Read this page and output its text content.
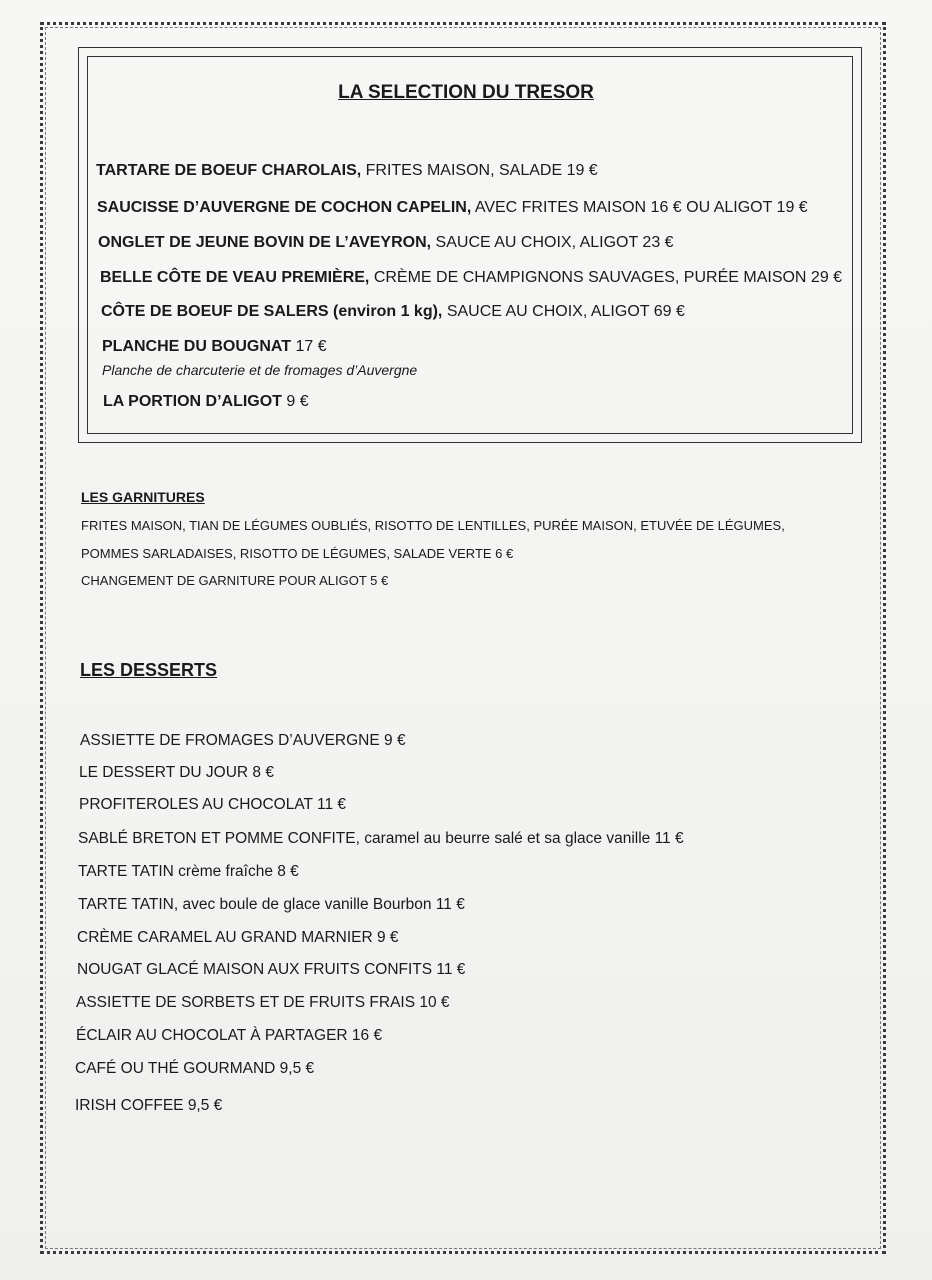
LA SELECTION DU TRESOR
TARTARE DE BOEUF CHAROLAIS, FRITES MAISON, SALADE 19 €
SAUCISSE D’AUVERGNE DE COCHON CAPELIN, AVEC FRITES MAISON 16 € OU ALIGOT 19 €
ONGLET DE JEUNE BOVIN DE L’AVEYRON, SAUCE AU CHOIX, ALIGOT 23 €
BELLE CÔTE DE VEAU PREMIÈRE, CRÈME DE CHAMPIGNONS SAUVAGES, PURÉE MAISON 29 €
CÔTE DE BOEUF DE SALERS (environ 1 kg), SAUCE AU CHOIX, ALIGOT 69 €
PLANCHE DU BOUGNAT 17 €
Planche de charcuterie et de fromages d’Auvergne
LA PORTION D’ALIGOT 9 €
LES GARNITURES
FRITES MAISON, TIAN DE LÉGUMES OUBLIÉS, RISOTTO DE LENTILLES, PURÉE MAISON, ETUVÉE DE LÉGUMES,
POMMES SARLADAISES, RISOTTO DE LÉGUMES, SALADE VERTE 6 €
CHANGEMENT DE GARNITURE POUR ALIGOT 5 €
LES DESSERTS
ASSIETTE DE FROMAGES D’AUVERGNE 9 €
LE DESSERT DU JOUR 8 €
PROFITEROLES AU CHOCOLAT 11 €
SABLÉ BRETON ET POMME CONFITE, caramel au beurre salé et sa glace vanille 11 €
TARTE TATIN crème fraîche 8 €
TARTE TATIN, avec boule de glace vanille Bourbon 11 €
CRÈME CARAMEL AU GRAND MARNIER 9 €
NOUGAT GLACÉ MAISON AUX FRUITS CONFITS 11 €
ASSIETTE DE SORBETS ET DE FRUITS FRAIS 10 €
ÉCLAIR AU CHOCOLAT À PARTAGER 16 €
CAFÉ OU THÉ GOURMAND 9,5 €
IRISH COFFEE 9,5 €
